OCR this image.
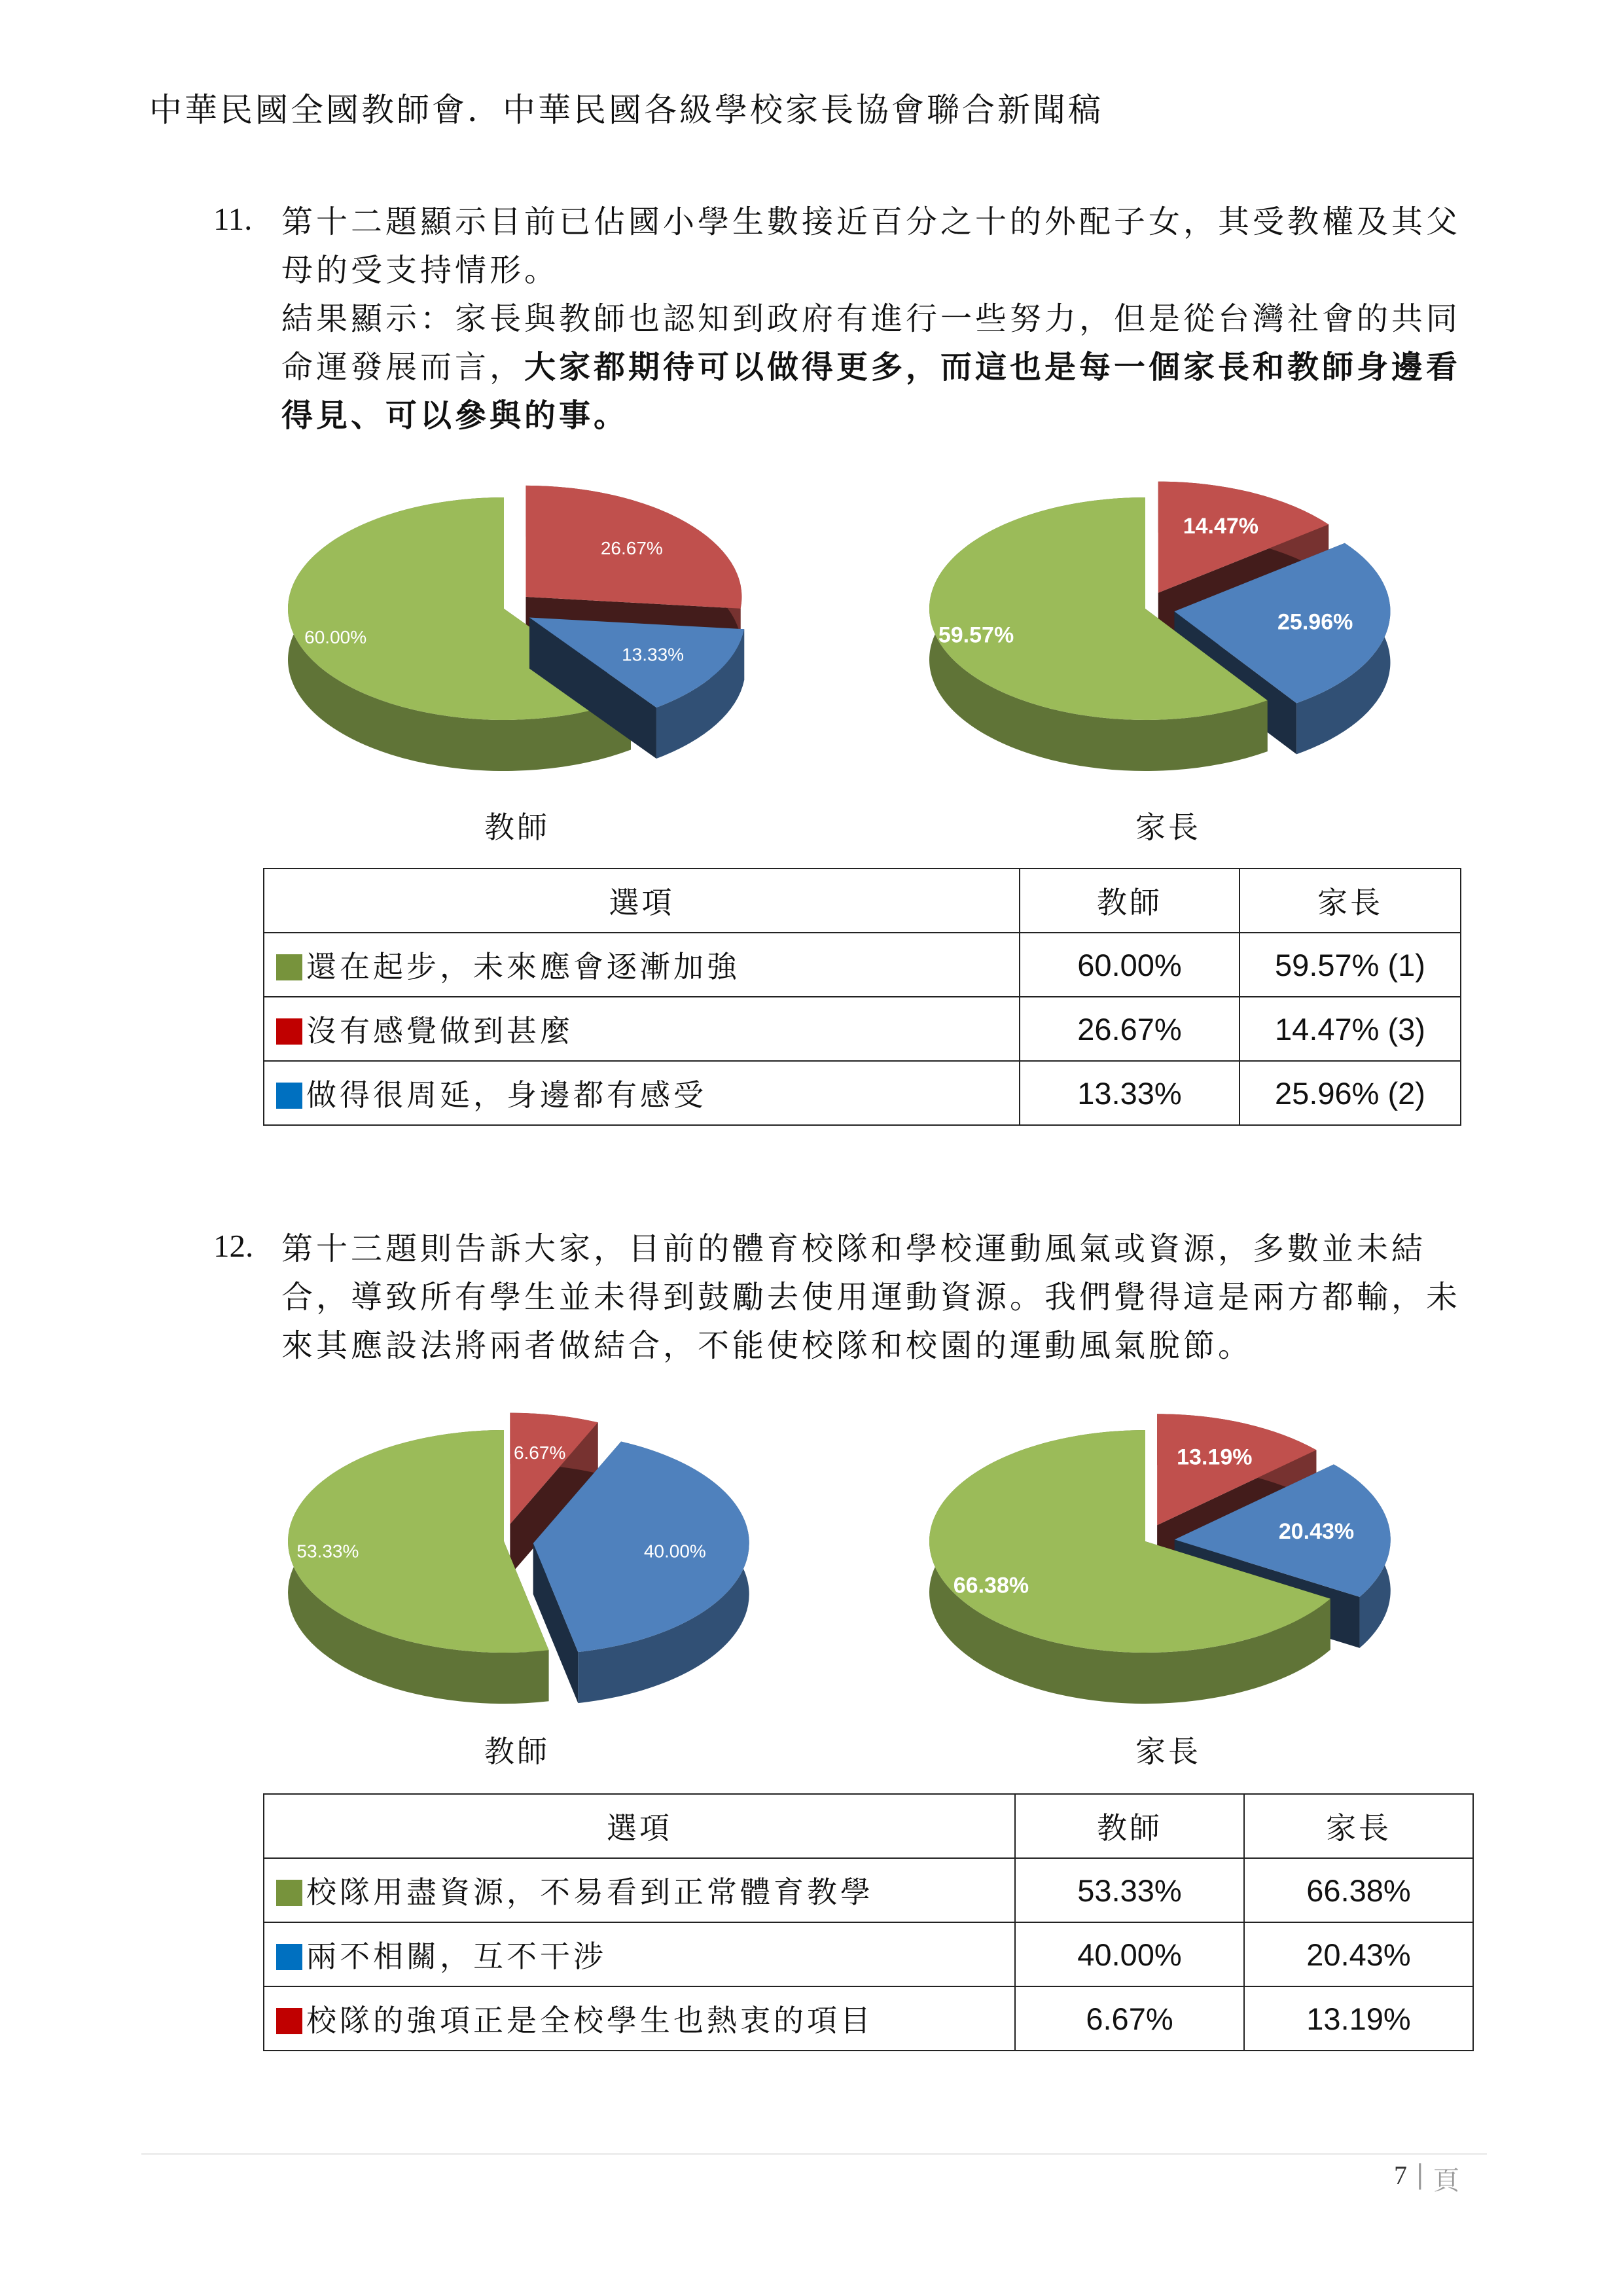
中華民國全國教師會．中華民國各級學校家長協會聯合新聞稿
11. 第十二題顯示目前已佔國小學生數接近百分之十的外配子女，其受教權及其父
母的受支持情形。
結果顯示：家長與教師也認知到政府有進行一些努力，但是從台灣社會的共同
命運發展而言，大家都期待可以做得更多，而這也是每一個家長和教師身邊看
得見、可以參與的事。
60.00%
26.67%
13.33%
59.57%
14.47%
25.96%
教師	家長
選項	教師	家長
還在起步，未來應會逐漸加強	60.00%	59.57% (1)
沒有感覺做到甚麼	26.67%	14.47% (3)
做得很周延，身邊都有感受	13.33%	25.96% (2)
12. 第十三題則告訴大家，目前的體育校隊和學校運動風氣或資源，多數並未結
合，導致所有學生並未得到鼓勵去使用運動資源。我們覺得這是兩方都輸，未
來其應設法將兩者做結合，不能使校隊和校園的運動風氣脫節。
53.33%
6.67%
40.00%
66.38%
13.19%
20.43%
教師	家長
選項	教師	家長
校隊用盡資源，不易看到正常體育教學	53.33%	66.38%
兩不相關，互不干涉	40.00%	20.43%
校隊的強項正是全校學生也熱衷的項目	6.67%	13.19%
7 | 頁
